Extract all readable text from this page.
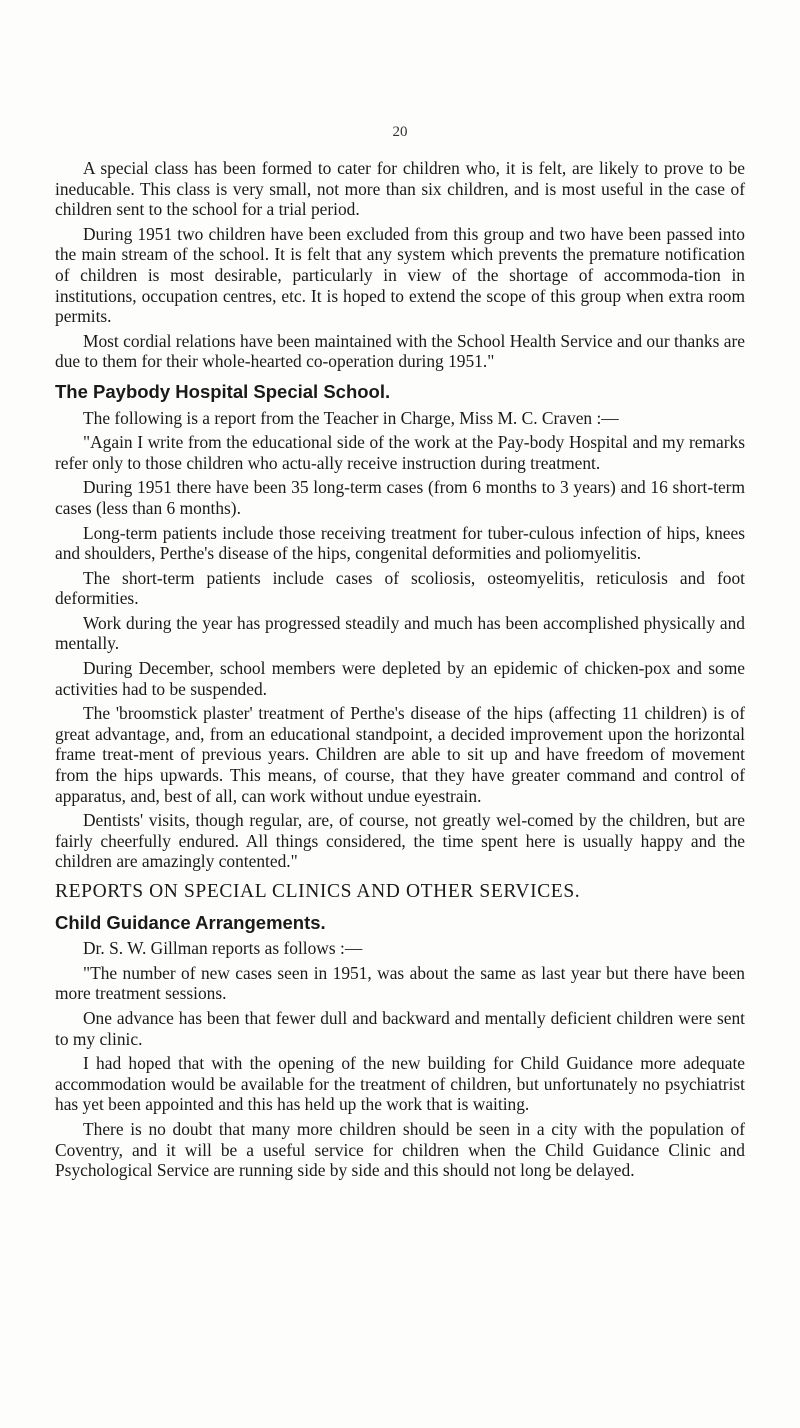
20

A special class has been formed to cater for children who, it is felt, are likely to prove to be ineducable. This class is very small, not more than six children, and is most useful in the case of children sent to the school for a trial period.

During 1951 two children have been excluded from this group and two have been passed into the main stream of the school. It is felt that any system which prevents the premature notification of children is most desirable, particularly in view of the shortage of accommoda-tion in institutions, occupation centres, etc. It is hoped to extend the scope of this group when extra room permits.

Most cordial relations have been maintained with the School Health Service and our thanks are due to them for their whole-hearted co-operation during 1951."

The Paybody Hospital Special School.

The following is a report from the Teacher in Charge, Miss M. C. Craven :—

"Again I write from the educational side of the work at the Pay-body Hospital and my remarks refer only to those children who actu-ally receive instruction during treatment.

During 1951 there have been 35 long-term cases (from 6 months to 3 years) and 16 short-term cases (less than 6 months).

Long-term patients include those receiving treatment for tuber-culous infection of hips, knees and shoulders, Perthe's disease of the hips, congenital deformities and poliomyelitis.

The short-term patients include cases of scoliosis, osteomyelitis, reticulosis and foot deformities.

Work during the year has progressed steadily and much has been accomplished physically and mentally.

During December, school members were depleted by an epidemic of chicken-pox and some activities had to be suspended.

The 'broomstick plaster' treatment of Perthe's disease of the hips (affecting 11 children) is of great advantage, and, from an educational standpoint, a decided improvement upon the horizontal frame treat-ment of previous years. Children are able to sit up and have freedom of movement from the hips upwards. This means, of course, that they have greater command and control of apparatus, and, best of all, can work without undue eyestrain.

Dentists' visits, though regular, are, of course, not greatly wel-comed by the children, but are fairly cheerfully endured. All things considered, the time spent here is usually happy and the children are amazingly contented."

REPORTS ON SPECIAL CLINICS AND OTHER SERVICES.
Child Guidance Arrangements.

Dr. S. W. Gillman reports as follows :—

"The number of new cases seen in 1951, was about the same as last year but there have been more treatment sessions.

One advance has been that fewer dull and backward and mentally deficient children were sent to my clinic.

I had hoped that with the opening of the new building for Child Guidance more adequate accommodation would be available for the treatment of children, but unfortunately no psychiatrist has yet been appointed and this has held up the work that is waiting.

There is no doubt that many more children should be seen in a city with the population of Coventry, and it will be a useful service for children when the Child Guidance Clinic and Psychological Service are running side by side and this should not long be delayed.
